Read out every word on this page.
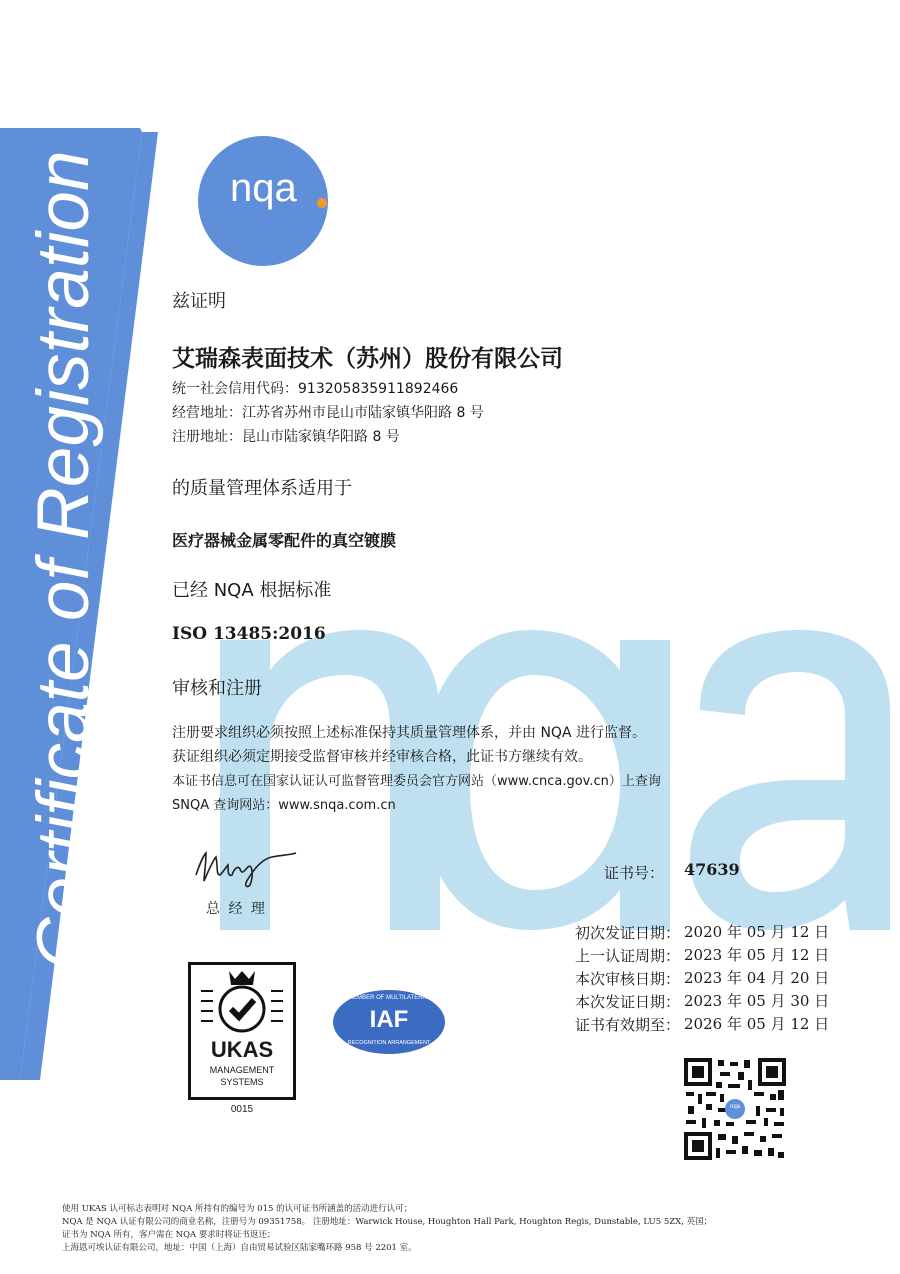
Certificate of Registration	nqa
兹证明
艾瑞森表面技术（苏州）股份有限公司
统一社会信用代码：913205835911892466
经营地址：江苏省苏州市昆山市陆家镇华阳路 8 号
注册地址：昆山市陆家镇华阳路 8 号
的质量管理体系适用于
医疗器械金属零配件的真空镀膜
已经 NQA 根据标准
ISO 13485:2016
审核和注册
注册要求组织必须按照上述标准保持其质量管理体系，并由 NQA 进行监督。
获证组织必须定期接受监督审核并经审核合格，此证书方继续有效。
本证书信息可在国家认证认可监督管理委员会官方网站（www.cnca.gov.cn）上查询
SNQA 查询网站：www.snqa.com.cn
总 经 理
证书号： 47639
初次发证日期： 2020 年 05 月 12 日
上一认证周期： 2023 年 05 月 12 日
本次审核日期： 2023 年 04 月 20 日
本次发证日期： 2023 年 05 月 30 日
证书有效期至： 2026 年 05 月 12 日
UKAS
MANAGEMENT
SYSTEMS
0015
MEMBER OF MULTILATERAL
IAF
RECOGNITION ARRANGEMENT
nqa
使用 UKAS 认可标志表明对 NQA 所持有的编号为 015 的认可证书所涵盖的活动进行认可；
NQA 是 NQA 认证有限公司的商业名称，注册号为 09351758。 注册地址：Warwick House, Houghton Hall Park, Houghton Regis, Dunstable, LU5 5ZX, 英国；
证书为 NQA 所有，客户需在 NQA 要求时将证书返还；
上海恩可埃认证有限公司，地址：中国（上海）自由贸易试验区陆家嘴环路 958 号 2201 室。
